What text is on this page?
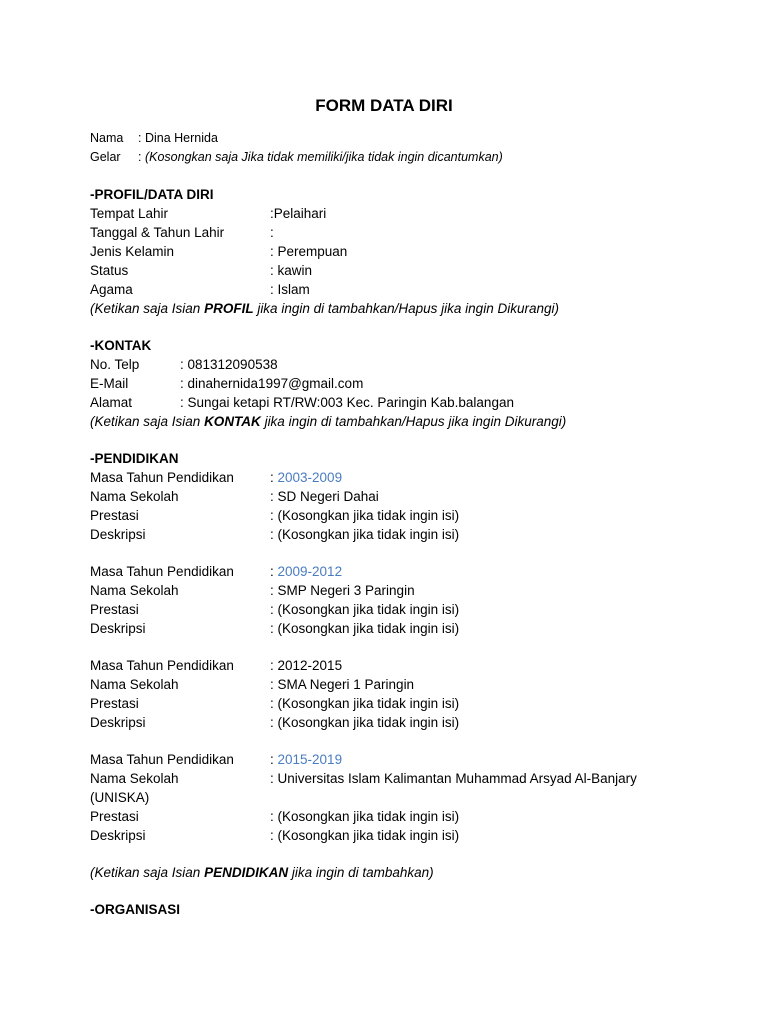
FORM DATA DIRI
Nama : Dina Hernida
Gelar : (Kosongkan saja Jika tidak memiliki/jika tidak ingin dicantumkan)
-PROFIL/DATA DIRI
Tempat Lahir	:Pelaihari
Tanggal & Tahun Lahir	:
Jenis Kelamin	: Perempuan
Status	: kawin
Agama	: Islam
(Ketikan saja Isian PROFIL jika ingin di tambahkan/Hapus jika ingin Dikurangi)
-KONTAK
No. Telp	: 081312090538
E-Mail	: dinahernida1997@gmail.com
Alamat	: Sungai ketapi RT/RW:003 Kec. Paringin Kab.balangan
(Ketikan saja Isian KONTAK jika ingin di tambahkan/Hapus jika ingin Dikurangi)
-PENDIDIKAN
Masa Tahun Pendidikan	: 2003-2009
Nama Sekolah	: SD Negeri Dahai
Prestasi	: (Kosongkan jika tidak ingin isi)
Deskripsi	: (Kosongkan jika tidak ingin isi)
Masa Tahun Pendidikan	: 2009-2012
Nama Sekolah	: SMP Negeri 3 Paringin
Prestasi	: (Kosongkan jika tidak ingin isi)
Deskripsi	: (Kosongkan jika tidak ingin isi)
Masa Tahun Pendidikan	: 2012-2015
Nama Sekolah	: SMA Negeri 1 Paringin
Prestasi	: (Kosongkan jika tidak ingin isi)
Deskripsi	: (Kosongkan jika tidak ingin isi)
Masa Tahun Pendidikan	: 2015-2019
Nama Sekolah	: Universitas Islam Kalimantan Muhammad Arsyad Al-Banjary
(UNISKA)
Prestasi	: (Kosongkan jika tidak ingin isi)
Deskripsi	: (Kosongkan jika tidak ingin isi)
(Ketikan saja Isian PENDIDIKAN jika ingin di tambahkan)
-ORGANISASI
